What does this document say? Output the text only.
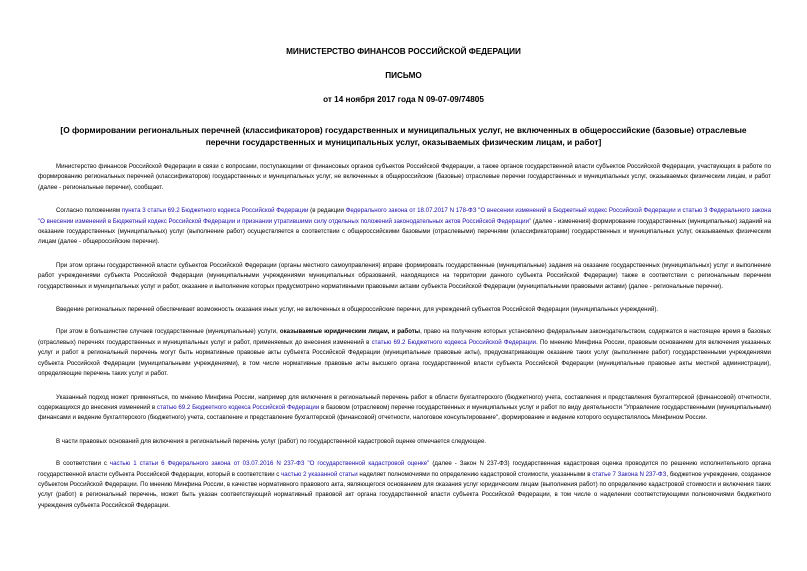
МИНИСТЕРСТВО ФИНАНСОВ РОССИЙСКОЙ ФЕДЕРАЦИИ
ПИСЬМО
от 14 ноября 2017 года N 09-07-09/74805
[О формировании региональных перечней (классификаторов) государственных и муниципальных услуг, не включенных в общероссийские (базовые) отраслевые перечни государственных и муниципальных услуг, оказываемых физическим лицам, и работ]

Министерство финансов Российской Федерации в связи с вопросами, поступающими от финансовых органов субъектов Российской Федерации, а также органов государственной власти субъектов Российской Федерации, участвующих в работе по формированию региональных перечней (классификаторов) государственных и муниципальных услуг, не включенных в общероссийские (базовые) отраслевые перечни государственных и муниципальных услуг, оказываемых физическим лицам, и работ (далее - региональные перечни), сообщает.

Согласно положениям пункта 3 статьи 69.2 Бюджетного кодекса Российской Федерации (в редакции Федерального закона от 18.07.2017 N 178-ФЗ "О внесении изменений в Бюджетный кодекс Российской Федерации и статью 3 Федерального закона "О внесении изменений в Бюджетный кодекс Российской Федерации и признании утратившими силу отдельных положений законодательных актов Российской Федерации" (далее - изменения) формирование государственных (муниципальных) заданий на оказание государственных (муниципальных) услуг (выполнение работ) осуществляется в соответствии с общероссийскими базовыми (отраслевыми) перечнями (классификаторами) государственных и муниципальных услуг, оказываемых физическим лицам (далее - общероссийские перечни).

При этом органы государственной власти субъектов Российской Федерации (органы местного самоуправления) вправе формировать государственные (муниципальные) задания на оказание государственных (муниципальных) услуг и выполнение работ учреждениями субъекта Российской Федерации (муниципальными учреждениями муниципальных образований, находящихся на территории данного субъекта Российской Федерации) также в соответствии с региональным перечнем государственных и муниципальных услуг и работ, оказание и выполнение которых предусмотрено нормативными правовыми актами субъекта Российской Федерации (муниципальными правовыми актами) (далее - региональные перечни).

Введение региональных перечней обеспечивает возможность оказания иных услуг, не включенных в общероссийские перечни, для учреждений субъектов Российской Федерации (муниципальных учреждений).

При этом в большинстве случаев государственные (муниципальные) услуги, оказываемые юридическим лицам, и работы, право на получение которых установлено федеральным законодательством, содержатся в настоящее время в базовых (отраслевых) перечнях государственных и муниципальных услуг и работ, применяемых до внесения изменений в статью 69.2 Бюджетного кодекса Российской Федерации. По мнению Минфина России, правовым основанием для включения указанных услуг и работ в региональный перечень могут быть нормативные правовые акты субъекта Российской Федерации (муниципальные правовые акты), предусматривающие оказание таких услуг (выполнение работ) государственными учреждениями субъекта Российской Федерации (муниципальными учреждениями), в том числе нормативные правовые акты высшего органа государственной власти субъекта Российской Федерации (муниципальные правовые акты местной администрации), определяющие перечень таких услуг и работ.

Указанный подход может применяться, по мнению Минфина России, например для включения в региональный перечень работ в области бухгалтерского (бюджетного) учета, составления и представления бухгалтерской (финансовой) отчетности, содержащихся до внесения изменений в статью 69.2 Бюджетного кодекса Российской Федерации в базовом (отраслевом) перечне государственных и муниципальных услуг и работ по виду деятельности "Управление государственными (муниципальными) финансами и ведение бухгалтерского (бюджетного) учета, составление и представление бухгалтерской (финансовой) отчетности, налоговое консультирование", формирование и ведение которого осуществлялось Минфином России.

В части правовых оснований для включения в региональный перечень услуг (работ) по государственной кадастровой оценке отмечается следующее.

В соответствии с частью 1 статьи 6 Федерального закона от 03.07.2016 N 237-ФЗ "О государственной кадастровой оценке" (далее - Закон N 237-ФЗ) государственная кадастровая оценка проводится по решению исполнительного органа государственной власти субъекта Российской Федерации, который в соответствии с частью 2 указанной статьи наделяет полномочиями по определению кадастровой стоимости, указанными в статье 7 Закона N 237-ФЗ, бюджетное учреждение, созданное субъектом Российской Федерации. По мнению Минфина России, в качестве нормативного правового акта, являющегося основанием для оказания услуг юридическим лицам (выполнения работ) по определению кадастровой стоимости и включения таких услуг (работ) в региональный перечень, может быть указан соответствующий нормативный правовой акт органа государственной власти субъекта Российской Федерации, в том числе о наделении соответствующими полномочиями бюджетного учреждения субъекта Российской Федерации.
